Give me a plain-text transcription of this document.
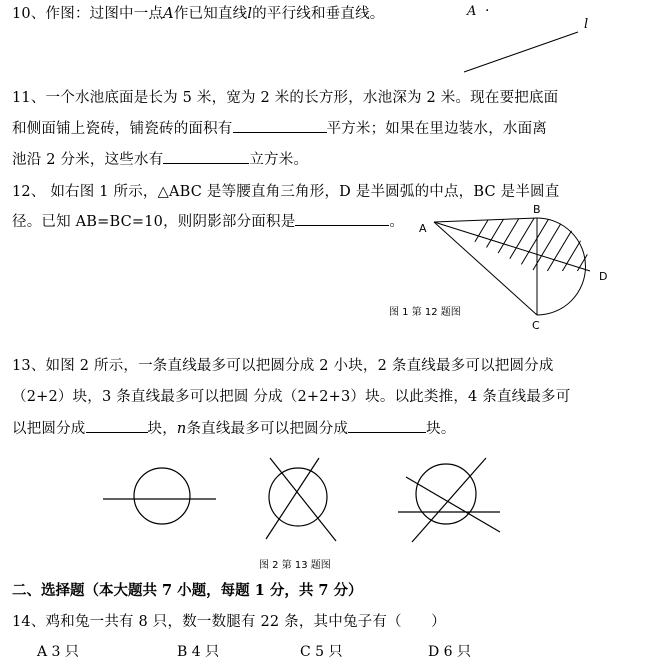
10、作图：过图中一点A作已知直线l的平行线和垂直线。	A ·
l
11、一个水池底面是长为 5 米，宽为 2 米的长方形，水池深为 2 米。现在要把底面
和侧面铺上瓷砖，铺瓷砖的面积有	平方米；如果在里边装水，水面离
池沿 2 分米，这些水有	立方米。
12、 如右图 1 所示，△ABC 是等腰直角三角形，D 是半圆弧的中点，BC 是半圆直
径。已知 AB=BC=10，则阴影部分面积是	。 A
B
C
D
图 1 第 12 题图
13、如图 2 所示，一条直线最多可以把圆分成 2 小块，2 条直线最多可以把圆分成
（2+2）块，3 条直线最多可以把圆 分成（2+2+3）块。以此类推，4 条直线最多可
以把圆分成	块，n条直线最多可以把圆分成	块。
图 2 第 13 题图
二、选择题（本大题共 7 小题，每题 1 分，共 7 分）
14、鸡和兔一共有 8 只，数一数腿有 22 条，其中兔子有（　　）
A 3 只	B 4 只	C 5 只	D 6 只
